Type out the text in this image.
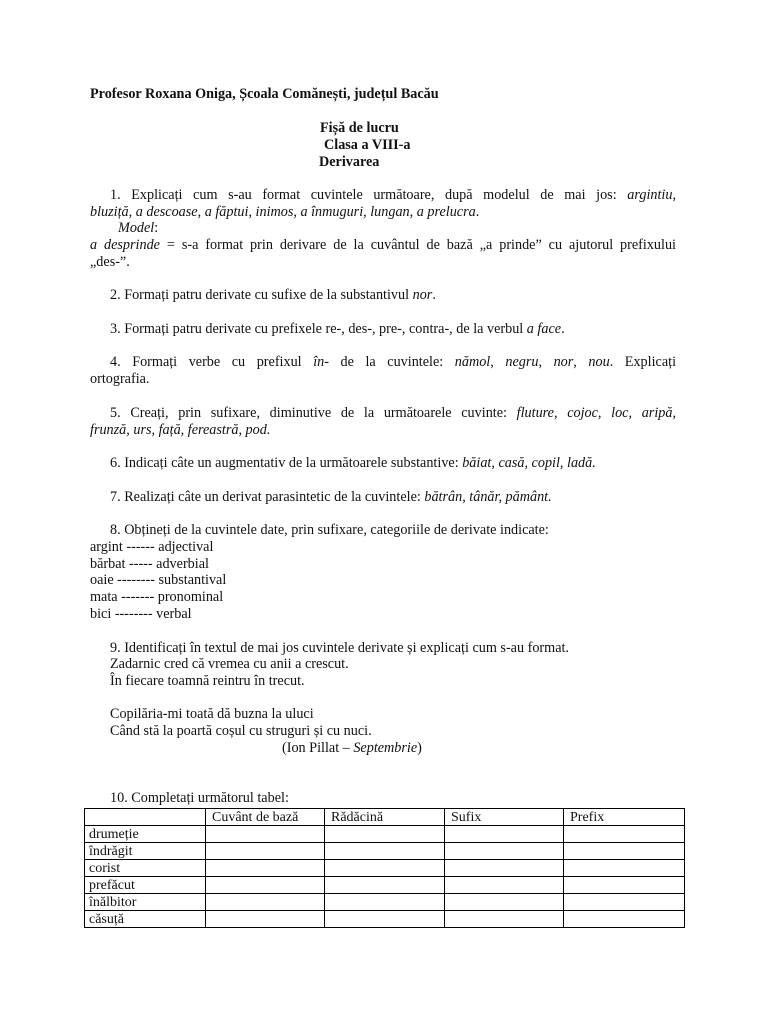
Profesor Roxana Oniga, Școala Comănești, județul Bacău
Fișă de lucru
Clasa a VIII-a
Derivarea
1. Explicați cum s-au format cuvintele următoare, după modelul de mai jos: argintiu,
bluziță, a descoase, a făptui, inimos, a înmuguri, lungan, a prelucra.
Model:
a desprinde = s-a format prin derivare de la cuvântul de bază „a prinde” cu ajutorul prefixului
„des-”.
2. Formați patru derivate cu sufixe de la substantivul nor.
3. Formați patru derivate cu prefixele re-, des-, pre-, contra-, de la verbul a face.
4. Formați verbe cu prefixul în- de la cuvintele: nămol, negru, nor, nou. Explicați
ortografia.
5. Creați, prin sufixare, diminutive de la următoarele cuvinte: fluture, cojoc, loc, aripă,
frunză, urs, față, fereastră, pod.
6. Indicați câte un augmentativ de la următoarele substantive: băiat, casă, copil, ladă.
7. Realizați câte un derivat parasintetic de la cuvintele: bătrân, tânăr, pământ.
8. Obțineți de la cuvintele date, prin sufixare, categoriile de derivate indicate:
argint ------ adjectival
bărbat ----- adverbial
oaie -------- substantival
mata ------- pronominal
bici -------- verbal
9. Identificați în textul de mai jos cuvintele derivate și explicați cum s-au format.
Zadarnic cred că vremea cu anii a crescut.
În fiecare toamnă reintru în trecut.
Copilăria-mi toată dă buzna la uluci
Când stă la poartă coșul cu struguri și cu nuci.
(Ion Pillat – Septembrie)
10. Completați următorul tabel:
	Cuvânt de bază	Rădăcină	Sufix	Prefix
drumeție				
îndrăgit				
corist				
prefăcut				
înălbitor				
căsuță				
